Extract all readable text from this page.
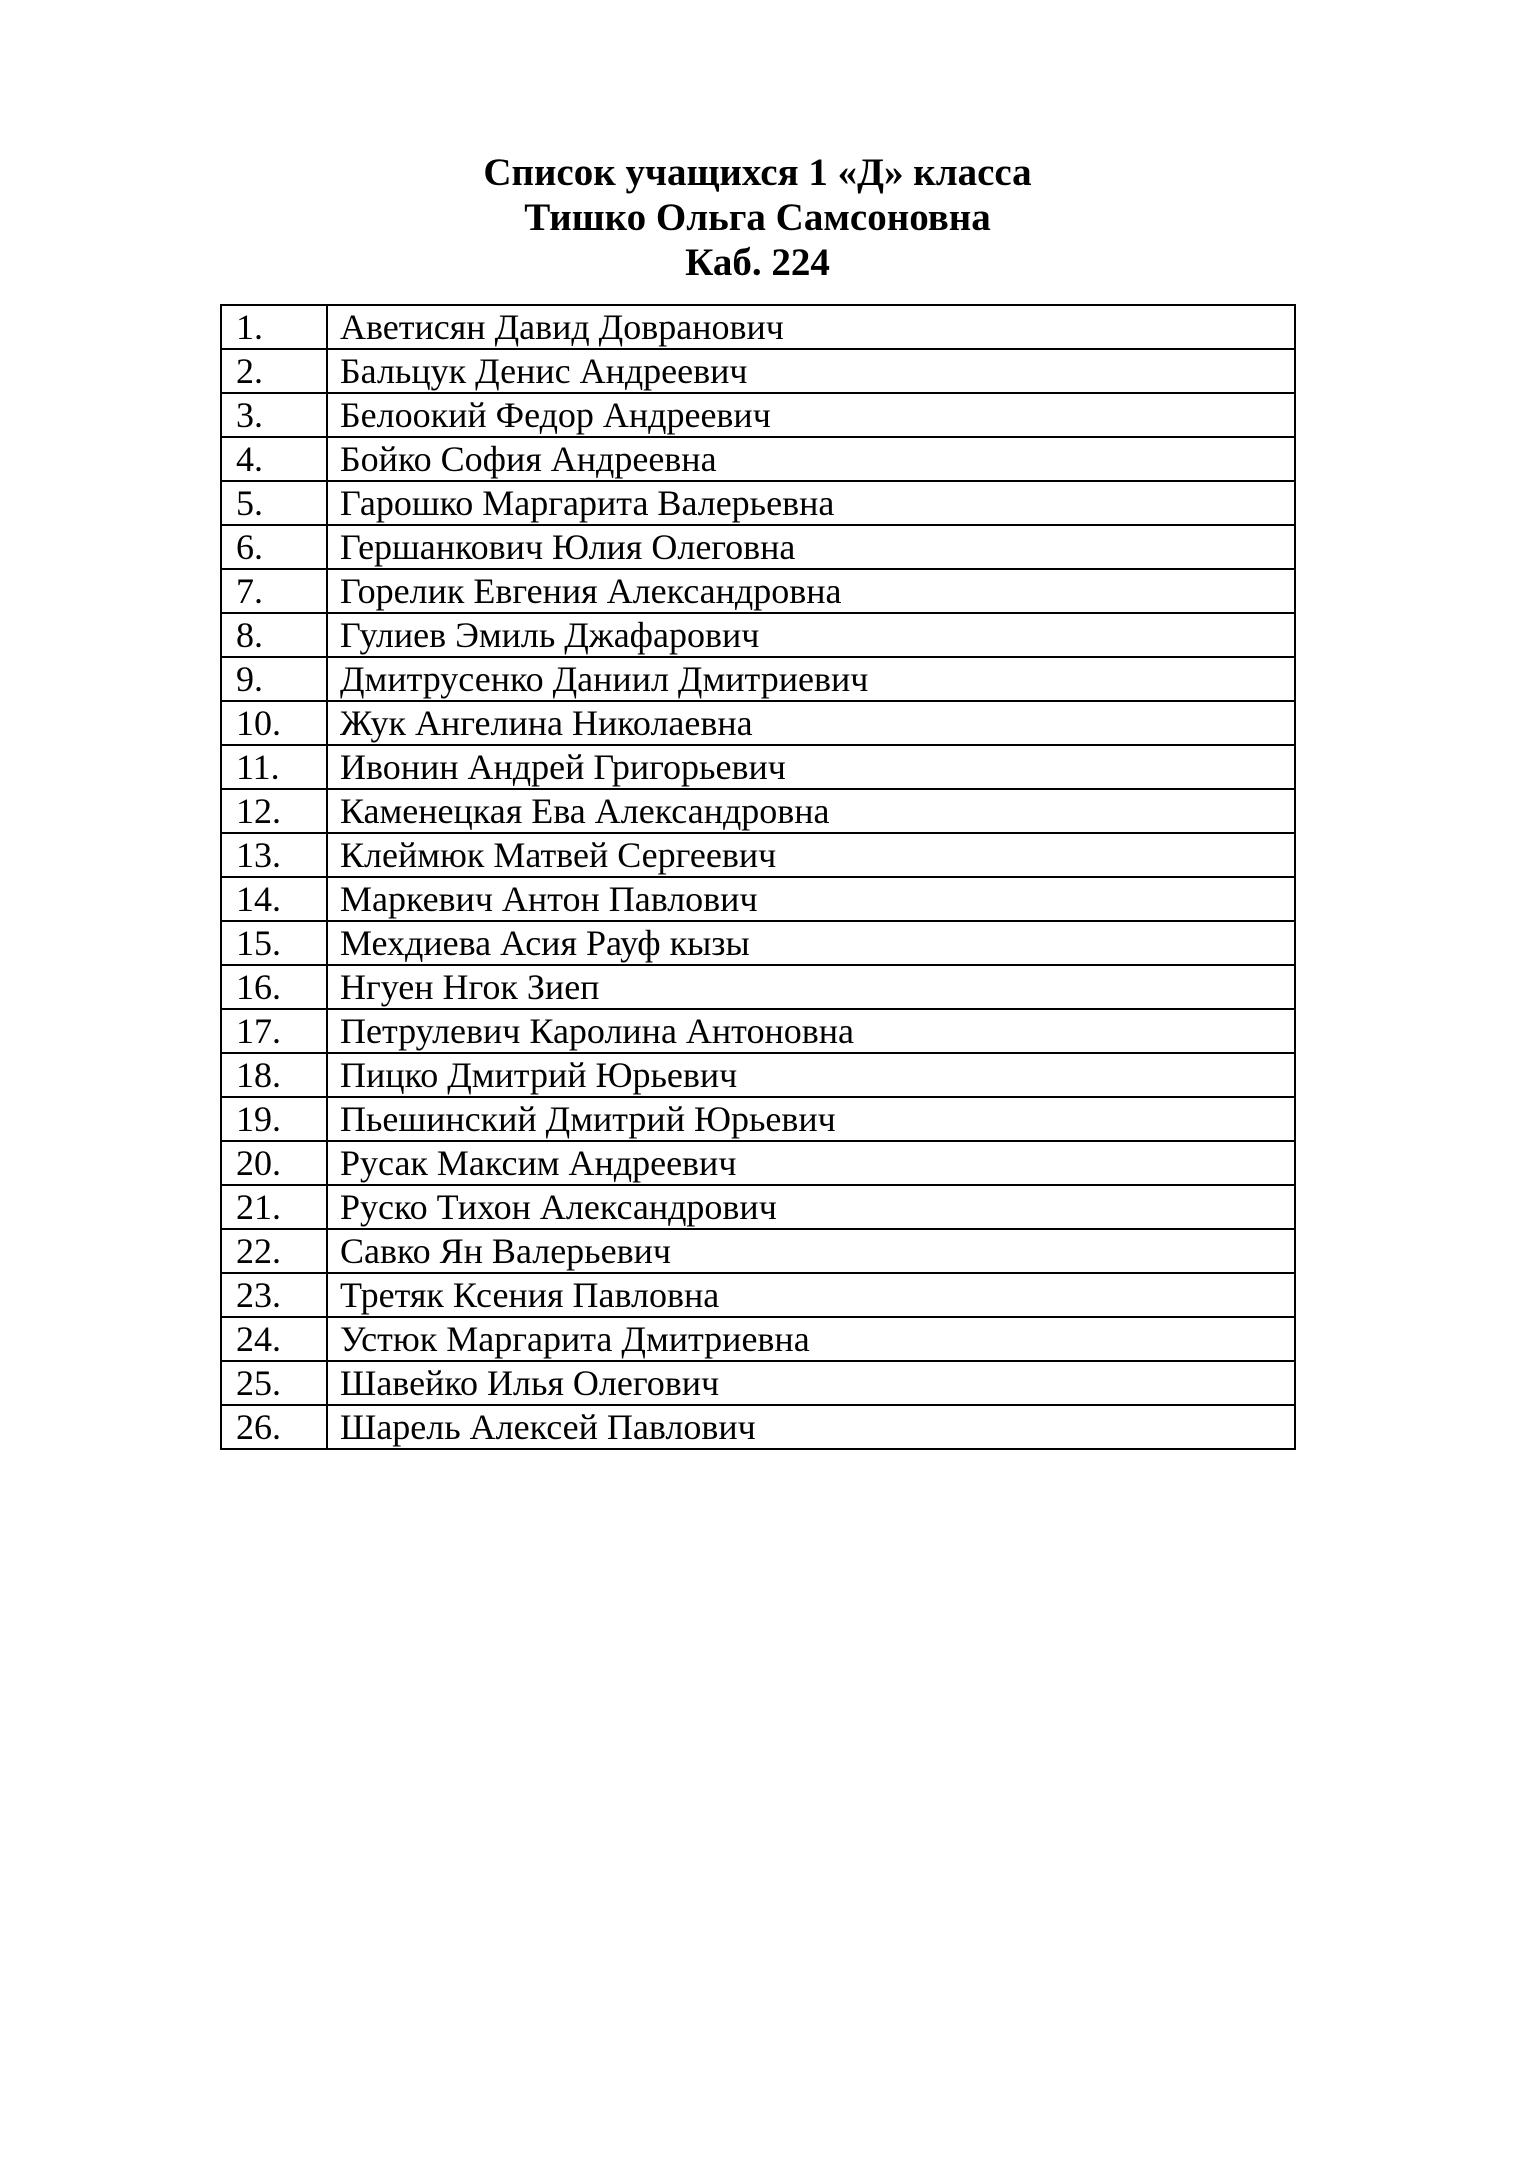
Список учащихся 1 «Д» класса
Тишко Ольга Самсоновна
Каб. 224
1.	Аветисян Давид Довранович
2.	Бальцук Денис Андреевич
3.	Белоокий Федор Андреевич
4.	Бойко София Андреевна
5.	Гарошко Маргарита Валерьевна
6.	Гершанкович Юлия Олеговна
7.	Горелик Евгения Александровна
8.	Гулиев Эмиль Джафарович
9.	Дмитрусенко Даниил Дмитриевич
10.	Жук Ангелина Николаевна
11.	Ивонин Андрей Григорьевич
12.	Каменецкая Ева Александровна
13.	Клеймюк Матвей Сергеевич
14.	Маркевич Антон Павлович
15.	Мехдиева Асия Рауф кызы
16.	Нгуен Нгок Зиеп
17.	Петрулевич Каролина Антоновна
18.	Пицко Дмитрий Юрьевич
19.	Пьешинский Дмитрий Юрьевич
20.	Русак Максим Андреевич
21.	Руско Тихон Александрович
22.	Савко Ян Валерьевич
23.	Третяк Ксения Павловна
24.	Устюк Маргарита Дмитриевна
25.	Шавейко Илья Олегович
26.	Шарель Алексей Павлович
